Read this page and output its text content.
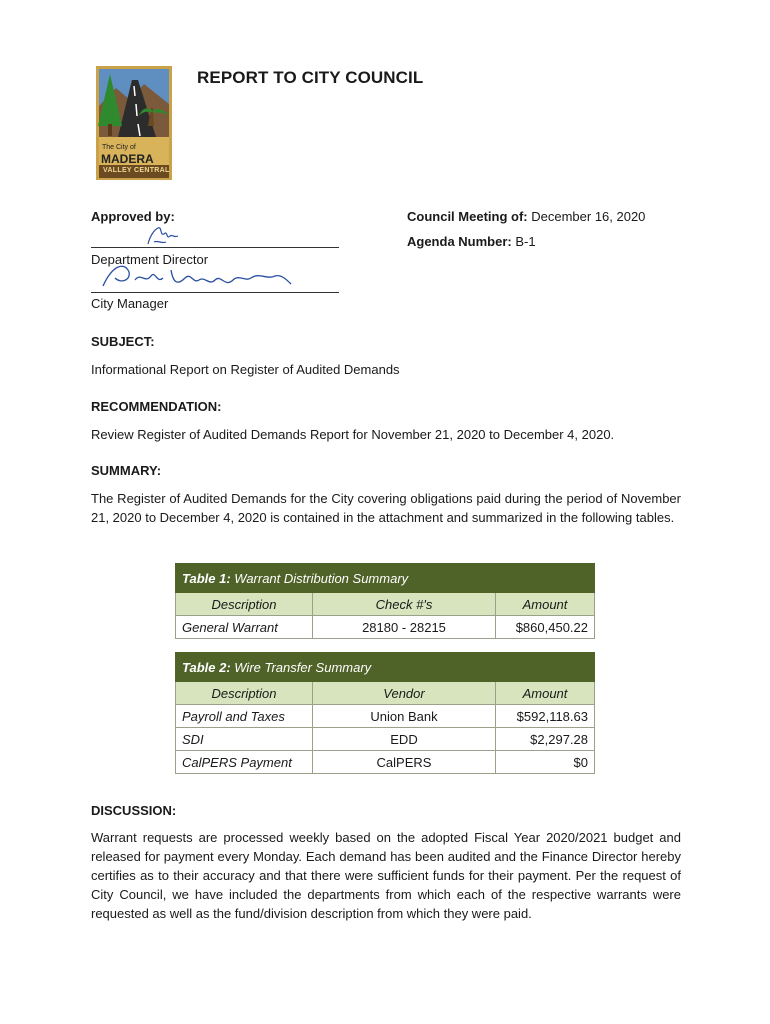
The City of
MADERA
VALLEY CENTRAL
REPORT TO CITY COUNCIL
Approved by:
Department Director
City Manager
Council Meeting of: December 16, 2020
Agenda Number: B-1
SUBJECT:
Informational Report on Register of Audited Demands
RECOMMENDATION:
Review Register of Audited Demands Report for November 21, 2020 to December 4, 2020.
SUMMARY:
The Register of Audited Demands for the City covering obligations paid during the period of November 21, 2020 to December 4, 2020 is contained in the attachment and summarized in the following tables.
Table 1: Warrant Distribution Summary		
Description	Check #'s	Amount
General Warrant	28180 - 28215	$860,450.22
Table 2: Wire Transfer Summary		
Description	Vendor	Amount
Payroll and Taxes	Union Bank	$592,118.63
SDI	EDD	$2,297.28
CalPERS Payment	CalPERS	$0
DISCUSSION:
Warrant requests are processed weekly based on the adopted Fiscal Year 2020/2021 budget and released for payment every Monday. Each demand has been audited and the Finance Director hereby certifies as to their accuracy and that there were sufficient funds for their payment. Per the request of City Council, we have included the departments from which each of the respective warrants were requested as well as the fund/division description from which they were paid.
